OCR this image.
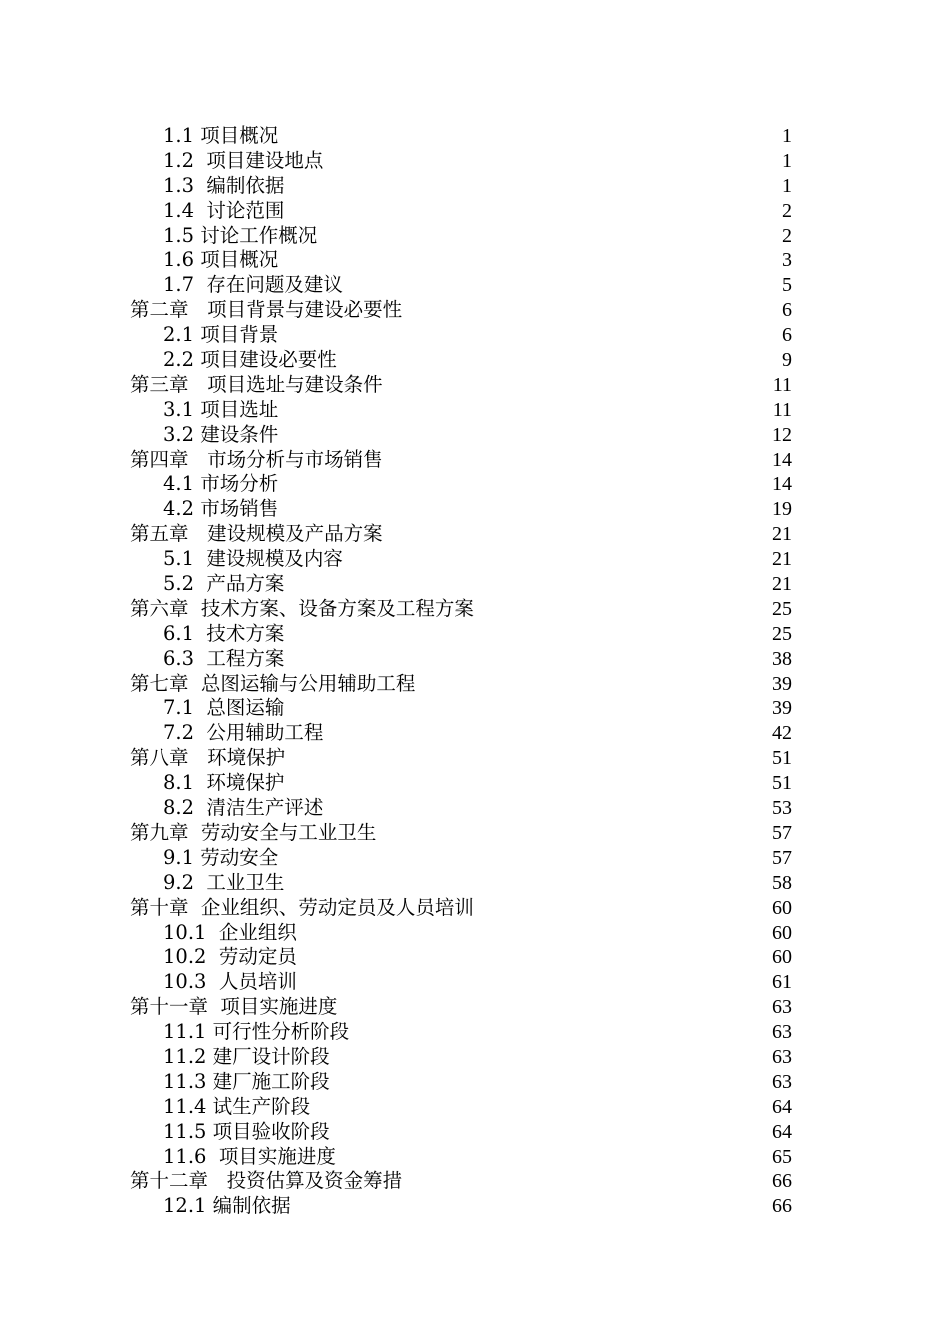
1.1 项目概况	1
1.2  项目建设地点	1
1.3  编制依据	1
1.4  讨论范围	2
1.5 讨论工作概况	2
1.6 项目概况	3
1.7  存在问题及建议	5
第二章   项目背景与建设必要性	6
2.1 项目背景	6
2.2 项目建设必要性	9
第三章   项目选址与建设条件	11
3.1 项目选址	11
3.2 建设条件	12
第四章   市场分析与市场销售	14
4.1 市场分析	14
4.2 市场销售	19
第五章   建设规模及产品方案	21
5.1  建设规模及内容	21
5.2  产品方案	21
第六章  技术方案、设备方案及工程方案	25
6.1  技术方案	25
6.3  工程方案	38
第七章  总图运输与公用辅助工程	39
7.1  总图运输	39
7.2  公用辅助工程	42
第八章   环境保护	51
8.1  环境保护	51
8.2  清洁生产评述	53
第九章  劳动安全与工业卫生	57
9.1 劳动安全	57
9.2  工业卫生	58
第十章  企业组织、劳动定员及人员培训	60
10.1  企业组织	60
10.2  劳动定员	60
10.3  人员培训	61
第十一章  项目实施进度	63
11.1 可行性分析阶段	63
11.2 建厂设计阶段	63
11.3 建厂施工阶段	63
11.4 试生产阶段	64
11.5 项目验收阶段	64
11.6  项目实施进度	65
第十二章   投资估算及资金筹措	66
12.1 编制依据	66
